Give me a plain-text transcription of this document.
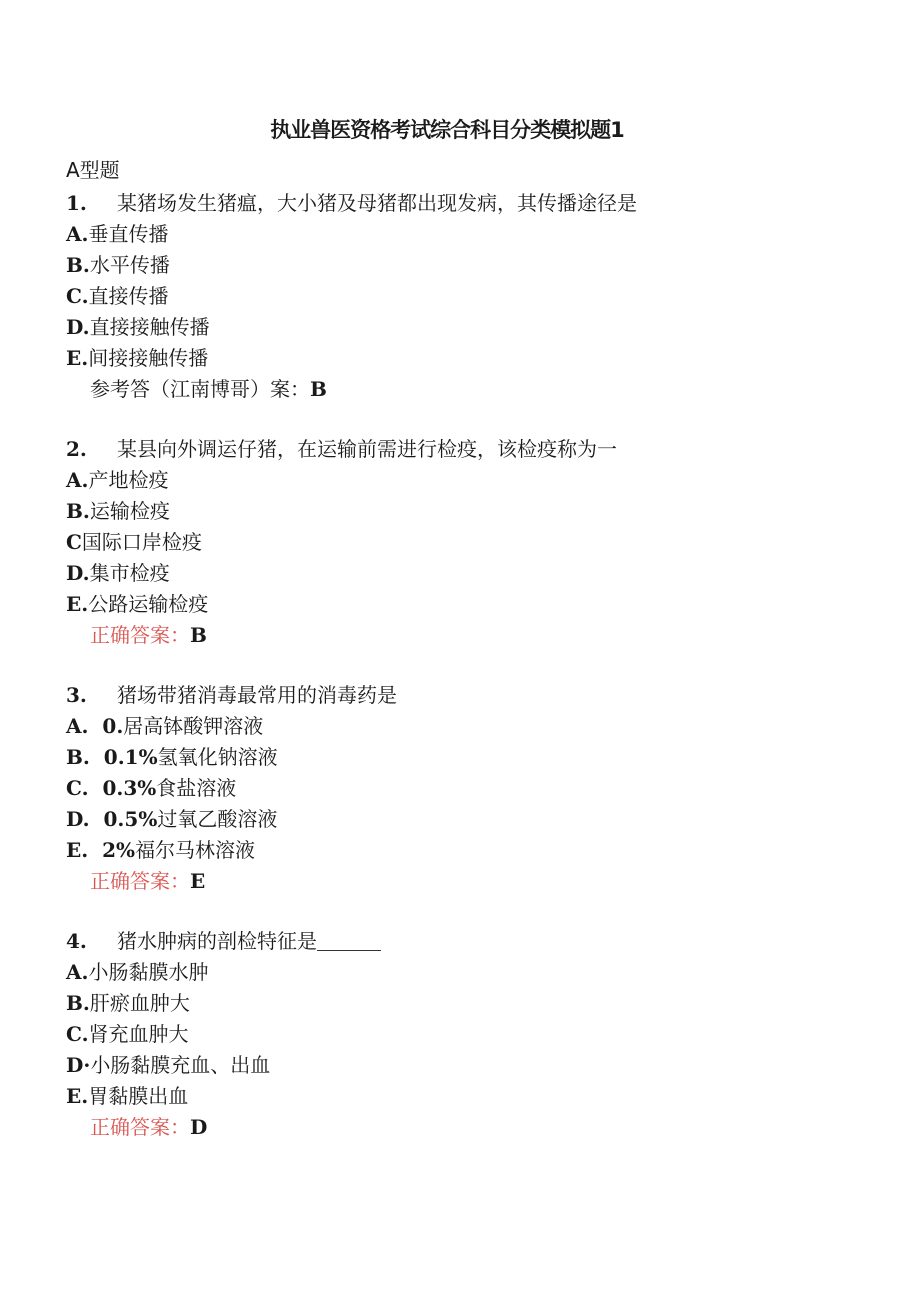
执业兽医资格考试综合科目分类模拟题1
A型题
1. 某猪场发生猪瘟，大小猪及母猪都出现发病，其传播途径是
A.垂直传播
B.水平传播
C.直接传播
D.直接接触传播
E.间接接触传播
参考答（江南博哥）案：B
2. 某县向外调运仔猪，在运输前需进行检疫，该检疫称为一
A.产地检疫
B.运输检疫
C国际口岸检疫
D.集市检疫
E.公路运输检疫
正确答案：B
3. 猪场带猪消毒最常用的消毒药是
A.  0.居高钵酸钾溶液
B.  0.1%氢氧化钠溶液
C.  0.3%食盐溶液
D.  0.5%过氧乙酸溶液
E.  2%福尔马林溶液
正确答案：E
4. 猪水肿病的剖检特征是
A.小肠黏膜水肿
B.肝瘀血肿大
C.肾充血肿大
D·小肠黏膜充血、出血
E.胃黏膜出血
正确答案：D
